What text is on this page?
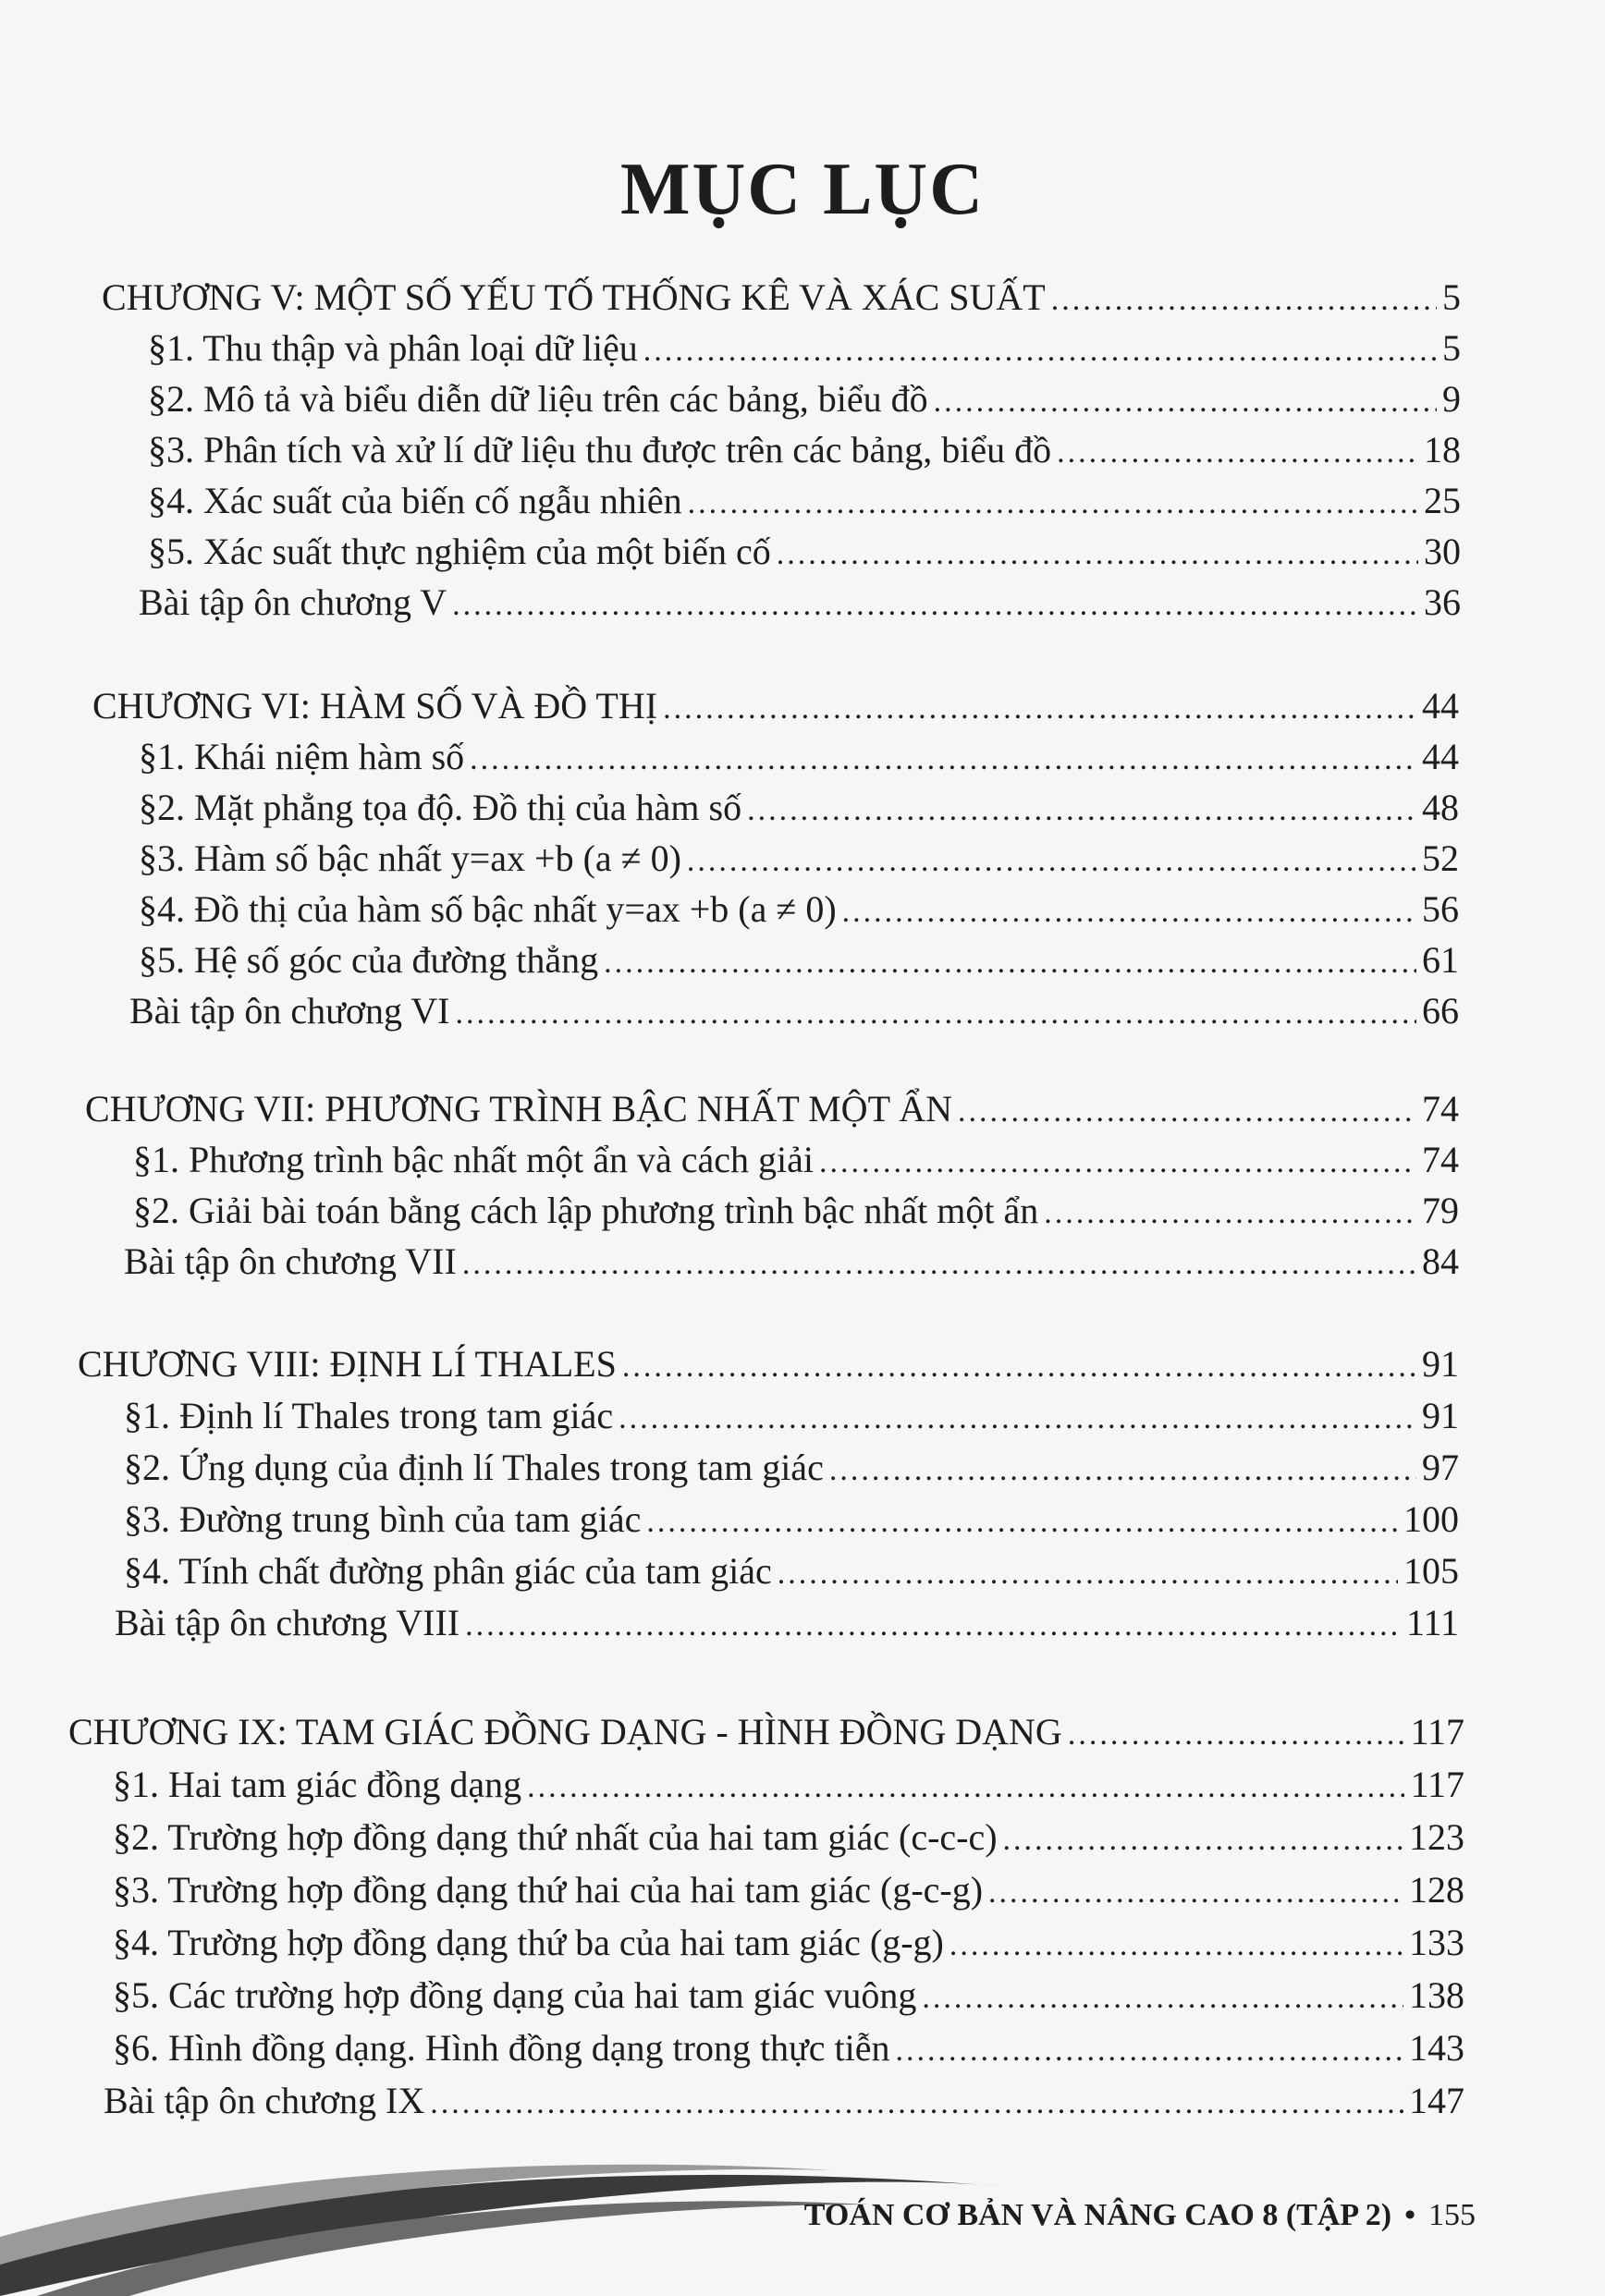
MỤC LỤC
CHƯƠNG V: MỘT SỐ YẾU TỐ THỐNG KÊ VÀ XÁC SUẤT .....	5
§1. Thu thập và phân loại dữ liệu .....	5
§2. Mô tả và biểu diễn dữ liệu trên các bảng, biểu đồ .....	9
§3. Phân tích và xử lí dữ liệu thu được trên các bảng, biểu đồ .....	18
§4. Xác suất của biến cố ngẫu nhiên .....	25
§5. Xác suất thực nghiệm của một biến cố .....	30
Bài tập ôn chương V .....	36
CHƯƠNG VI: HÀM SỐ VÀ ĐỒ THỊ .....	44
§1. Khái niệm hàm số .....	44
§2. Mặt phẳng tọa độ. Đồ thị của hàm số .....	48
§3. Hàm số bậc nhất y=ax +b (a ≠ 0) .....	52
§4. Đồ thị của hàm số bậc nhất y=ax +b (a ≠ 0) .....	56
§5. Hệ số góc của đường thẳng .....	61
Bài tập ôn chương VI .....	66
CHƯƠNG VII: PHƯƠNG TRÌNH BẬC NHẤT MỘT ẨN .....	74
§1. Phương trình bậc nhất một ẩn và cách giải .....	74
§2. Giải bài toán bằng cách lập phương trình bậc nhất một ẩn .....	79
Bài tập ôn chương VII .....	84
CHƯƠNG VIII: ĐỊNH LÍ THALES .....	91
§1. Định lí Thales trong tam giác .....	91
§2. Ứng dụng của định lí Thales trong tam giác .....	97
§3. Đường trung bình của tam giác .....	100
§4. Tính chất đường phân giác của tam giác .....	105
Bài tập ôn chương VIII .....	111
CHƯƠNG IX: TAM GIÁC ĐỒNG DẠNG - HÌNH ĐỒNG DẠNG .....	117
§1. Hai tam giác đồng dạng .....	117
§2. Trường hợp đồng dạng thứ nhất của hai tam giác (c-c-c) .....	123
§3. Trường hợp đồng dạng thứ hai của hai tam giác (g-c-g) .....	128
§4. Trường hợp đồng dạng thứ ba của hai tam giác (g-g) .....	133
§5. Các trường hợp đồng dạng của hai tam giác vuông .....	138
§6. Hình đồng dạng. Hình đồng dạng trong thực tiễn .....	143
Bài tập ôn chương IX .....	147
TOÁN CƠ BẢN VÀ NÂNG CAO 8 (TẬP 2) • 155
